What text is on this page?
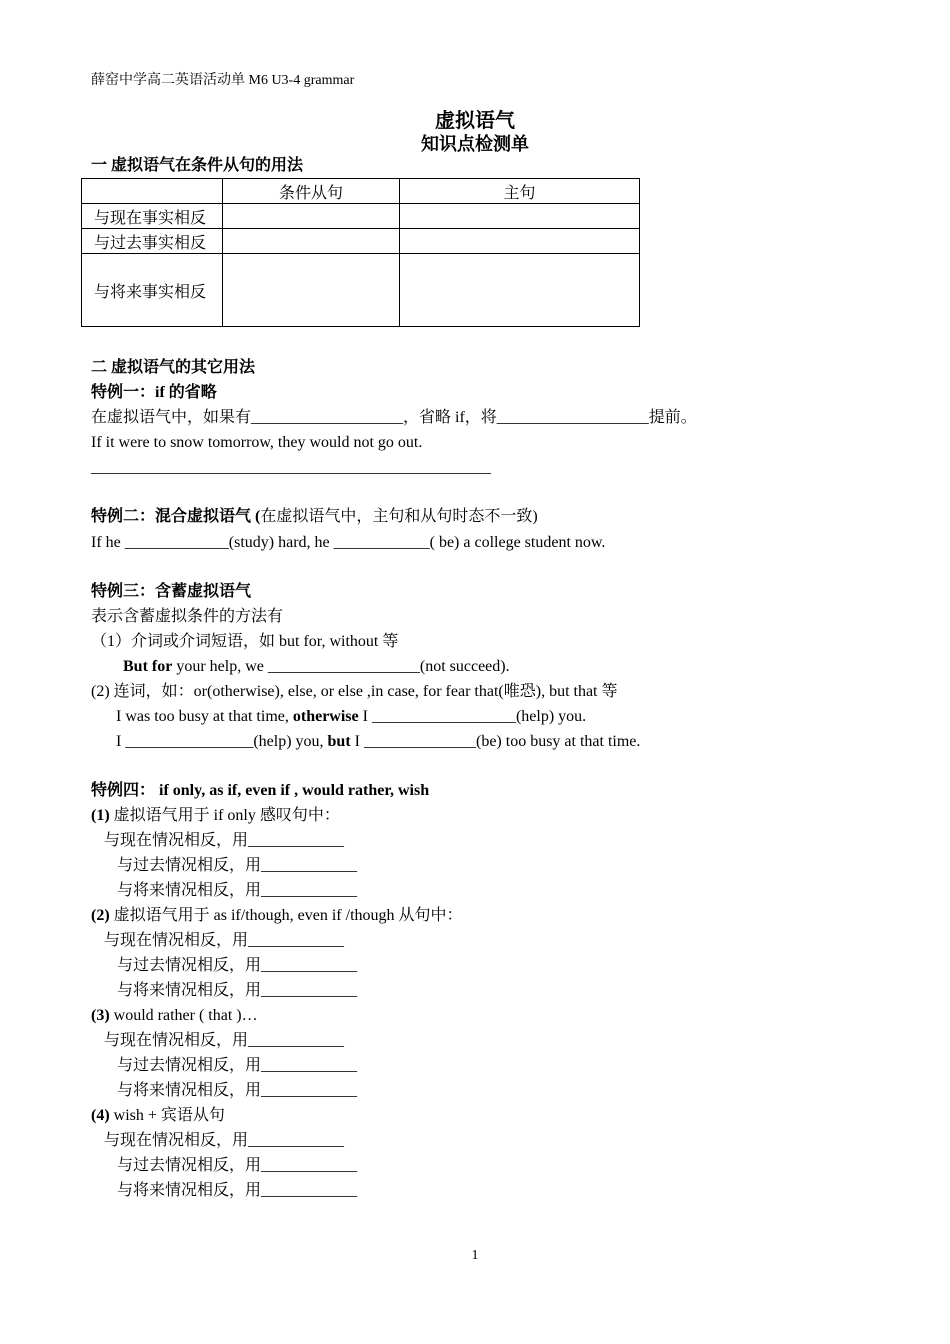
薛窑中学高二英语活动单 M6 U3-4 grammar
虚拟语气
知识点检测单
一 虚拟语气在条件从句的用法
	条件从句	主句
与现在事实相反		
与过去事实相反		
与将来事实相反		
二 虚拟语气的其它用法
特例一：if 的省略
在虚拟语气中，如果有___________________，省略 if，将___________________提前。
If it were to snow tomorrow, they would not go out.
__________________________________________________
特例二：混合虚拟语气 (在虚拟语气中，主句和从句时态不一致)
If he _____________(study) hard, he ____________( be) a college student now.
特例三：含蓄虚拟语气
表示含蓄虚拟条件的方法有
（1）介词或介词短语，如 but for, without 等
But for your help, we ___________________(not succeed).
(2) 连词，如：or(otherwise), else, or else ,in case, for fear that(唯恐), but that 等
I was too busy at that time, otherwise I __________________(help) you.
I ________________(help) you, but I ______________(be) too busy at that time.
特例四： if only, as if, even if , would rather, wish
(1) 虚拟语气用于 if only 感叹句中：
与现在情况相反，用____________
与过去情况相反，用____________
与将来情况相反，用____________
(2) 虚拟语气用于 as if/though, even if /though 从句中：
与现在情况相反，用____________
与过去情况相反，用____________
与将来情况相反，用____________
(3) would rather ( that )…
与现在情况相反，用____________
与过去情况相反，用____________
与将来情况相反，用____________
(4) wish + 宾语从句
与现在情况相反，用____________
与过去情况相反，用____________
与将来情况相反，用____________
1
